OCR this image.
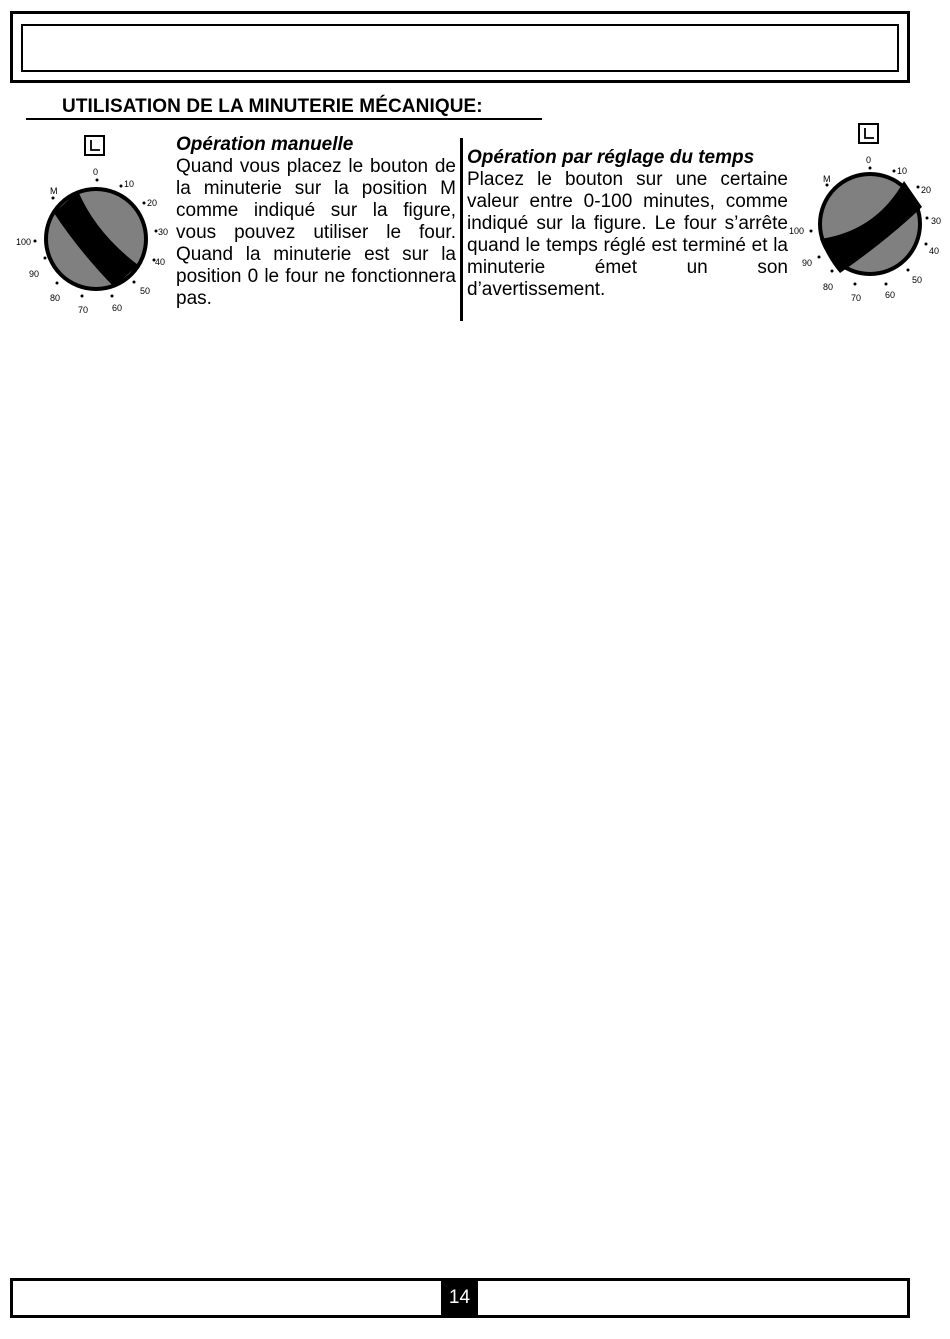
UTILISATION DE LA MINUTERIE MÉCANIQUE:
0
10
20
30
40
50
60
70
80
90
100
M
Opération manuelle
Quand vous placez le bouton de la minuterie sur la position M comme indiqué sur la figure, vous pouvez utiliser le four. Quand la minuterie est sur la position 0 le four ne fonctionnera pas.
Opération par réglage du temps
Placez le bouton sur une certaine valeur entre 0-100 minutes, comme indiqué sur la figure. Le four s’arrête quand le temps réglé est terminé et la minuterie émet un son d’avertissement.
0
10
20
30
40
50
60
70
80
90
100
M
14
